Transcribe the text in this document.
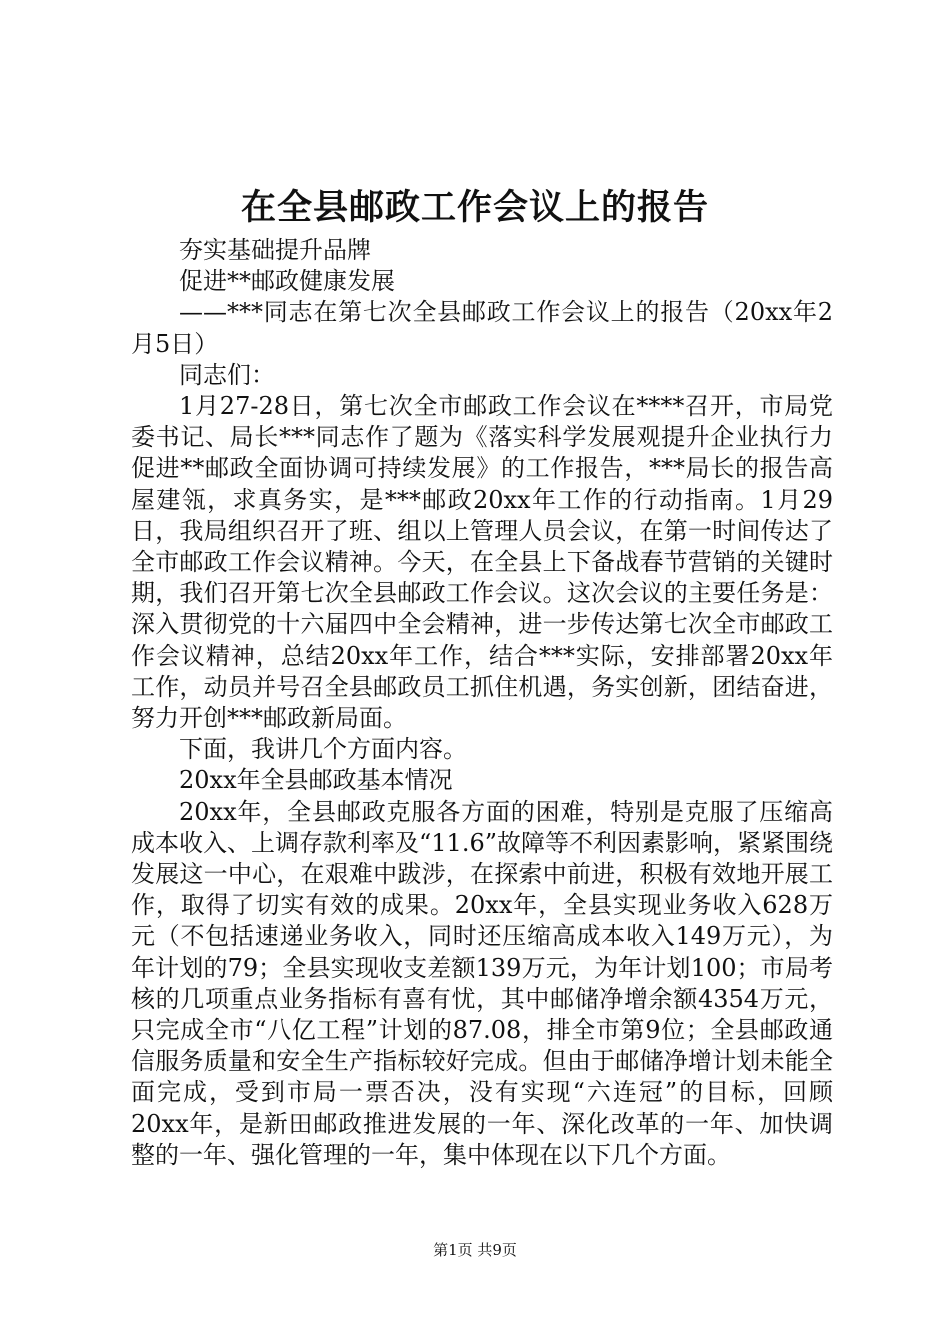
在全县邮政工作会议上的报告

夯实基础提升品牌

促进**邮政健康发展

——***同志在第七次全县邮政工作会议上的报告（20xx年2月5日）

同志们：

1月27-28日，第七次全市邮政工作会议在****召开，市局党委书记、局长***同志作了题为《落实科学发展观提升企业执行力促进**邮政全面协调可持续发展》的工作报告，***局长的报告高屋建瓴，求真务实，是***邮政20xx年工作的行动指南。1月29日，我局组织召开了班、组以上管理人员会议，在第一时间传达了全市邮政工作会议精神。今天，在全县上下备战春节营销的关键时期，我们召开第七次全县邮政工作会议。这次会议的主要任务是：深入贯彻党的十六届四中全会精神，进一步传达第七次全市邮政工作会议精神，总结20xx年工作，结合***实际，安排部署20xx年工作，动员并号召全县邮政员工抓住机遇，务实创新，团结奋进，努力开创***邮政新局面。

下面，我讲几个方面内容。

20xx年全县邮政基本情况

20xx年，全县邮政克服各方面的困难，特别是克服了压缩高成本收入、上调存款利率及“11.6”故障等不利因素影响，紧紧围绕发展这一中心，在艰难中跋涉，在探索中前进，积极有效地开展工作，取得了切实有效的成果。20xx年，全县实现业务收入628万元（不包括速递业务收入，同时还压缩高成本收入149万元），为年计划的79；全县实现收支差额139万元，为年计划100；市局考核的几项重点业务指标有喜有忧，其中邮储净增余额4354万元，只完成全市“八亿工程”计划的87.08，排全市第9位；全县邮政通信服务质量和安全生产指标较好完成。但由于邮储净增计划未能全面完成，受到市局一票否决，没有实现“六连冠”的目标，回顾20xx年，是新田邮政推进发展的一年、深化改革的一年、加快调整的一年、强化管理的一年，集中体现在以下几个方面。

第1页 共9页
